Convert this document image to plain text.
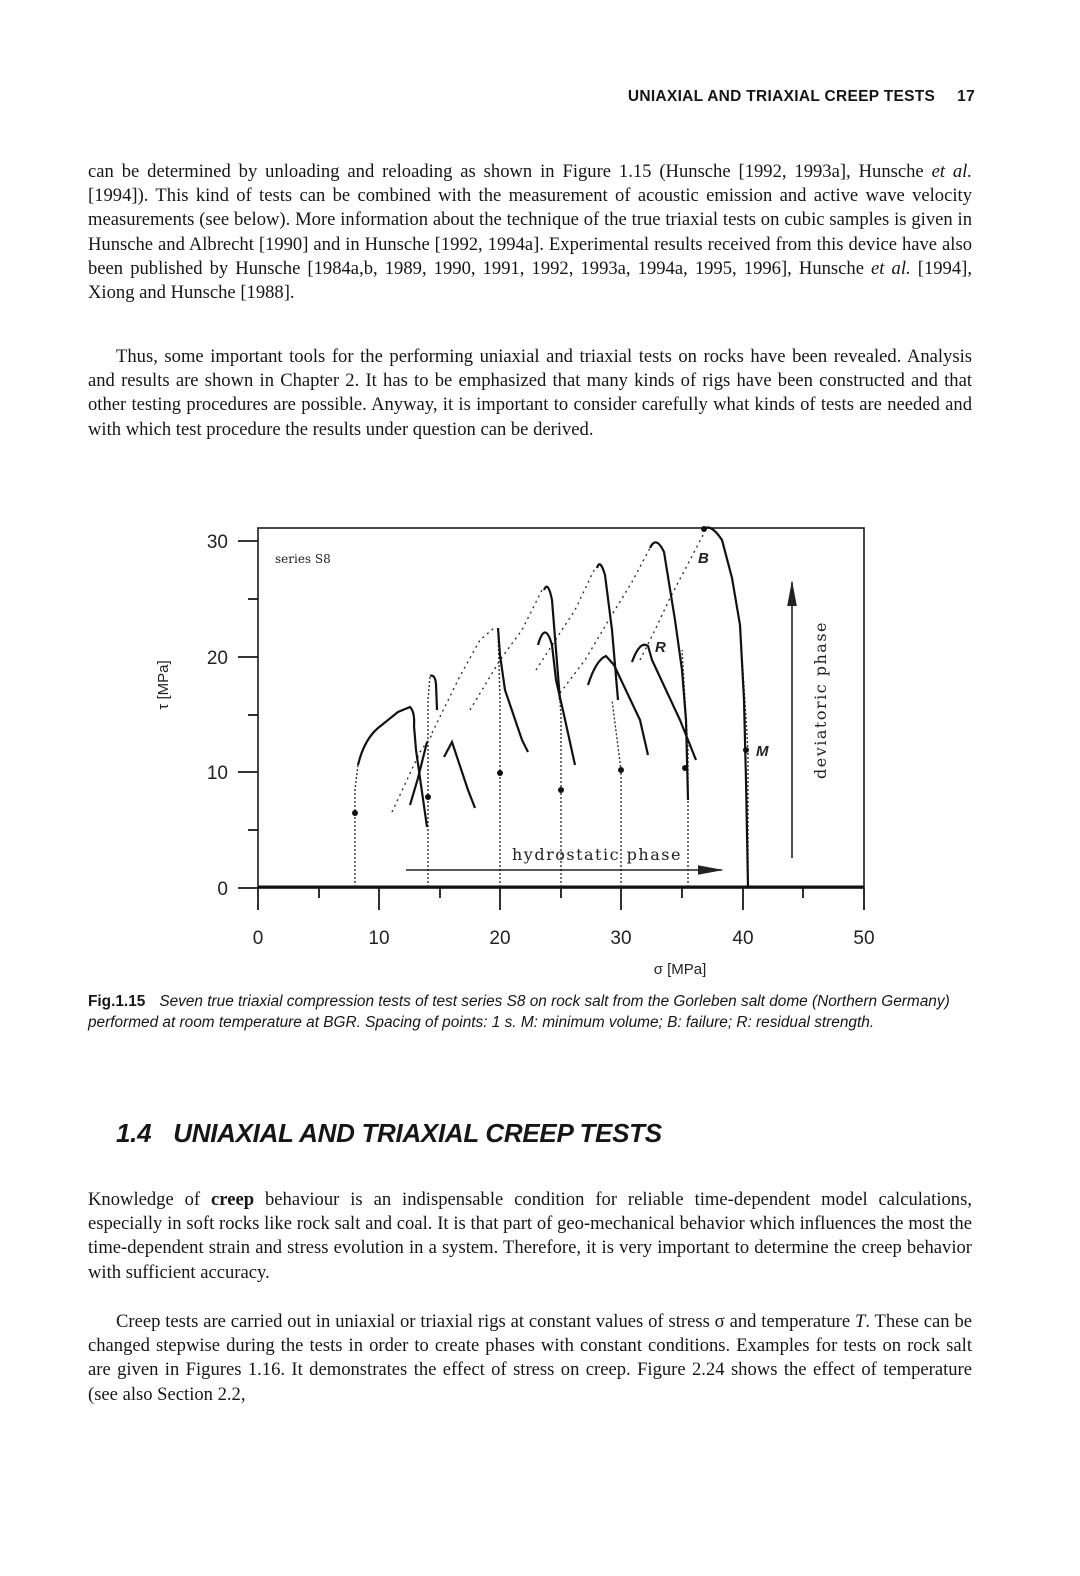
UNIAXIAL AND TRIAXIAL CREEP TESTS 17
can be determined by unloading and reloading as shown in Figure 1.15 (Hunsche [1992, 1993a], Hunsche et al. [1994]). This kind of tests can be combined with the measurement of acoustic emission and active wave velocity measurements (see below). More information about the technique of the true triaxial tests on cubic samples is given in Hunsche and Albrecht [1990] and in Hunsche [1992, 1994a]. Experimental results received from this device have also been published by Hunsche [1984a,b, 1989, 1990, 1991, 1992, 1993a, 1994a, 1995, 1996], Hunsche et al. [1994], Xiong and Hunsche [1988].
Thus, some important tools for the performing uniaxial and triaxial tests on rocks have been revealed. Analysis and results are shown in Chapter 2. It has to be emphasized that many kinds of rigs have been constructed and that other testing procedures are possible. Anyway, it is important to consider carefully what kinds of tests are needed and with which test procedure the results under question can be derived.
30
20
10
0
τ [MPa]
0	10	20	30	40	50
σ [MPa]
series S8	B
R
M
hydrostatic phase
deviatoric phase
Fig.1.15 Seven true triaxial compression tests of test series S8 on rock salt from the Gorleben salt dome (Northern Germany) performed at room temperature at BGR. Spacing of points: 1 s. M: minimum volume; B: failure; R: residual strength.
1.4 UNIAXIAL AND TRIAXIAL CREEP TESTS
Knowledge of creep behaviour is an indispensable condition for reliable time-dependent model calculations, especially in soft rocks like rock salt and coal. It is that part of geo-mechanical behavior which influences the most the time-dependent strain and stress evolution in a system. Therefore, it is very important to determine the creep behavior with sufficient accuracy.
Creep tests are carried out in uniaxial or triaxial rigs at constant values of stress σ and temperature T. These can be changed stepwise during the tests in order to create phases with constant conditions. Examples for tests on rock salt are given in Figures 1.16. It demonstrates the effect of stress on creep. Figure 2.24 shows the effect of temperature (see also Section 2.2,
